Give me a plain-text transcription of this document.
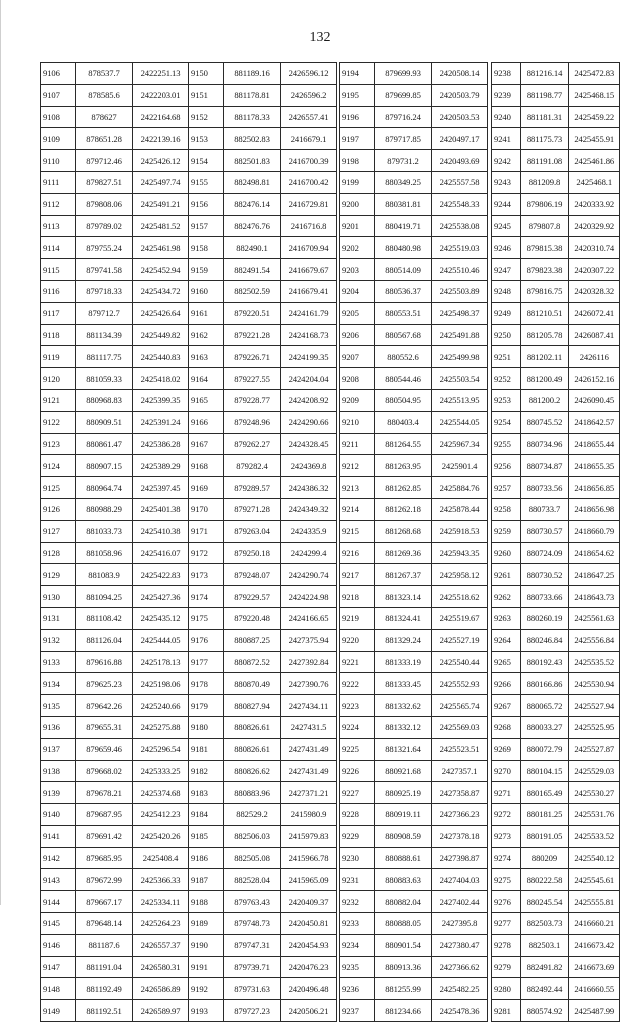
132
9106	878537.7	2422251.13
9107	878585.6	2422203.01
9108	878627	2422164.68
9109	878651.28	2422139.16
9110	879712.46	2425426.12
9111	879827.51	2425497.74
9112	879808.06	2425491.21
9113	879789.02	2425481.52
9114	879755.24	2425461.98
9115	879741.58	2425452.94
9116	879718.33	2425434.72
9117	879712.7	2425426.64
9118	881134.39	2425449.82
9119	881117.75	2425440.83
9120	881059.33	2425418.02
9121	880968.83	2425399.35
9122	880909.51	2425391.24
9123	880861.47	2425386.28
9124	880907.15	2425389.29
9125	880964.74	2425397.45
9126	880988.29	2425401.38
9127	881033.73	2425410.38
9128	881058.96	2425416.07
9129	881083.9	2425422.83
9130	881094.25	2425427.36
9131	881108.42	2425435.12
9132	881126.04	2425444.05
9133	879616.88	2425178.13
9134	879625.23	2425198.06
9135	879642.26	2425240.66
9136	879655.31	2425275.88
9137	879659.46	2425296.54
9138	879668.02	2425333.25
9139	879678.21	2425374.68
9140	879687.95	2425412.23
9141	879691.42	2425420.26
9142	879685.95	2425408.4
9143	879672.99	2425366.33
9144	879667.17	2425334.11
9145	879648.14	2425264.23
9146	881187.6	2426557.37
9147	881191.04	2426580.31
9148	881192.49	2426586.89
9149	881192.51	2426589.97
9150	881189.16	2426596.12
9151	881178.81	2426596.2
9152	881178.33	2426557.41
9153	882502.83	2416679.1
9154	882501.83	2416700.39
9155	882498.81	2416700.42
9156	882476.14	2416729.81
9157	882476.76	2416716.8
9158	882490.1	2416709.94
9159	882491.54	2416679.67
9160	882502.59	2416679.41
9161	879220.51	2424161.79
9162	879221.28	2424168.73
9163	879226.71	2424199.35
9164	879227.55	2424204.04
9165	879228.77	2424208.92
9166	879248.96	2424290.66
9167	879262.27	2424328.45
9168	879282.4	2424369.8
9169	879289.57	2424386.32
9170	879271.28	2424349.32
9171	879263.04	2424335.9
9172	879250.18	2424299.4
9173	879248.07	2424290.74
9174	879229.57	2424224.98
9175	879220.48	2424166.65
9176	880887.25	2427375.94
9177	880872.52	2427392.84
9178	880870.49	2427390.76
9179	880827.94	2427434.11
9180	880826.61	2427431.5
9181	880826.61	2427431.49
9182	880826.62	2427431.49
9183	880883.96	2427371.21
9184	882529.2	2415980.9
9185	882506.03	2415979.83
9186	882505.08	2415966.78
9187	882528.04	2415965.09
9188	879763.43	2420409.37
9189	879748.73	2420450.81
9190	879747.31	2420454.93
9191	879739.71	2420476.23
9192	879731.63	2420496.48
9193	879727.23	2420506.21
9194	879699.93	2420508.14
9195	879699.85	2420503.79
9196	879716.24	2420503.53
9197	879717.85	2420497.17
9198	879731.2	2420493.69
9199	880349.25	2425557.58
9200	880381.81	2425548.33
9201	880419.71	2425538.08
9202	880480.98	2425519.03
9203	880514.09	2425510.46
9204	880536.37	2425503.89
9205	880553.51	2425498.37
9206	880567.68	2425491.88
9207	880552.6	2425499.98
9208	880544.46	2425503.54
9209	880504.95	2425513.95
9210	880403.4	2425544.05
9211	881264.55	2425967.34
9212	881263.95	2425901.4
9213	881262.85	2425884.76
9214	881262.18	2425878.44
9215	881268.68	2425918.53
9216	881269.36	2425943.35
9217	881267.37	2425958.12
9218	881323.14	2425518.62
9219	881324.41	2425519.67
9220	881329.24	2425527.19
9221	881333.19	2425540.44
9222	881333.45	2425552.93
9223	881332.62	2425565.74
9224	881332.12	2425569.03
9225	881321.64	2425523.51
9226	880921.68	2427357.1
9227	880925.19	2427358.87
9228	880919.11	2427366.23
9229	880908.59	2427378.18
9230	880888.61	2427398.87
9231	880883.63	2427404.03
9232	880882.04	2427402.44
9233	880888.05	2427395.8
9234	880901.54	2427380.47
9235	880913.36	2427366.62
9236	881255.99	2425482.25
9237	881234.66	2425478.36
9238	881216.14	2425472.83
9239	881198.77	2425468.15
9240	881181.31	2425459.22
9241	881175.73	2425455.91
9242	881191.08	2425461.86
9243	881209.8	2425468.1
9244	879806.19	2420333.92
9245	879807.8	2420329.92
9246	879815.38	2420310.74
9247	879823.38	2420307.22
9248	879816.75	2420328.32
9249	881210.51	2426072.41
9250	881205.78	2426087.41
9251	881202.11	2426116
9252	881200.49	2426152.16
9253	881200.2	2426090.45
9254	880745.52	2418642.57
9255	880734.96	2418655.44
9256	880734.87	2418655.35
9257	880733.56	2418656.85
9258	880733.7	2418656.98
9259	880730.57	2418660.79
9260	880724.09	2418654.62
9261	880730.52	2418647.25
9262	880733.66	2418643.73
9263	880260.19	2425561.63
9264	880246.84	2425556.84
9265	880192.43	2425535.52
9266	880166.86	2425530.94
9267	880065.72	2425527.94
9268	880033.27	2425525.95
9269	880072.79	2425527.87
9270	880104.15	2425529.03
9271	880165.49	2425530.27
9272	880181.25	2425531.76
9273	880191.05	2425533.52
9274	880209	2425540.12
9275	880222.58	2425545.61
9276	880245.54	2425555.81
9277	882503.73	2416660.21
9278	882503.1	2416673.42
9279	882491.82	2416673.69
9280	882492.44	2416660.55
9281	880574.92	2425487.99
